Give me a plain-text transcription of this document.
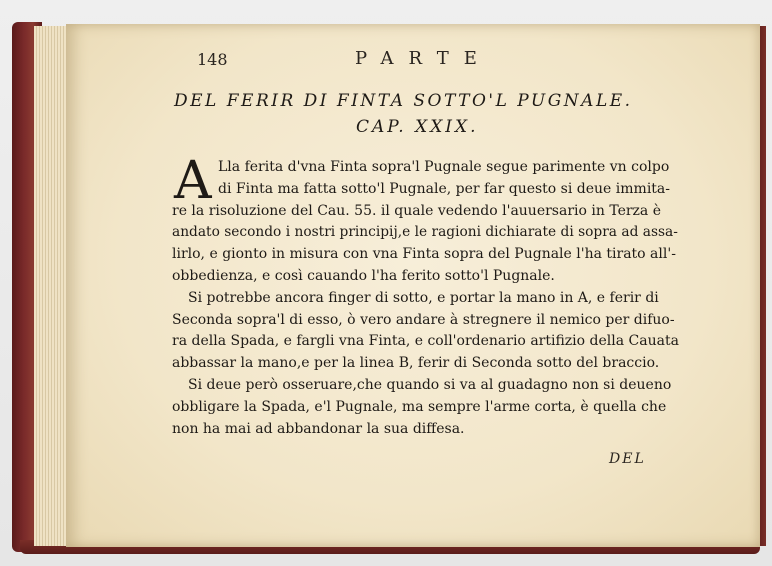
148	PARTE
DEL FERIR DI FINTA SOTTO'L PUGNALE.
CAP. XXIX.
A Lla ferita d'vna Finta sopra'l Pugnale segue parimente vn colpo
di Finta ma fatta sotto'l Pugnale, per far questo si deue immita-
re la risoluzione del Cau. 55. il quale vedendo l'auuersario in Terza è
andato secondo i nostri principij,e le ragioni dichiarate di sopra ad assa-
lirlo, e gionto in misura con vna Finta sopra del Pugnale l'ha tirato all'-
obbedienza, e così cauando l'ha ferito sotto'l Pugnale.
Si potrebbe ancora finger di sotto, e portar la mano in A, e ferir di
Seconda sopra'l di esso, ò vero andare à stregnere il nemico per difuo-
ra della Spada, e fargli vna Finta, e coll'ordenario artifizio della Cauata
abbassar la mano,e per la linea B, ferir di Seconda sotto del braccio.
Si deue però osseruare,che quando si va al guadagno non si deueno
obbligare la Spada, e'l Pugnale, ma sempre l'arme corta, è quella che
non ha mai ad abbandonar la sua diffesa.
DEL
